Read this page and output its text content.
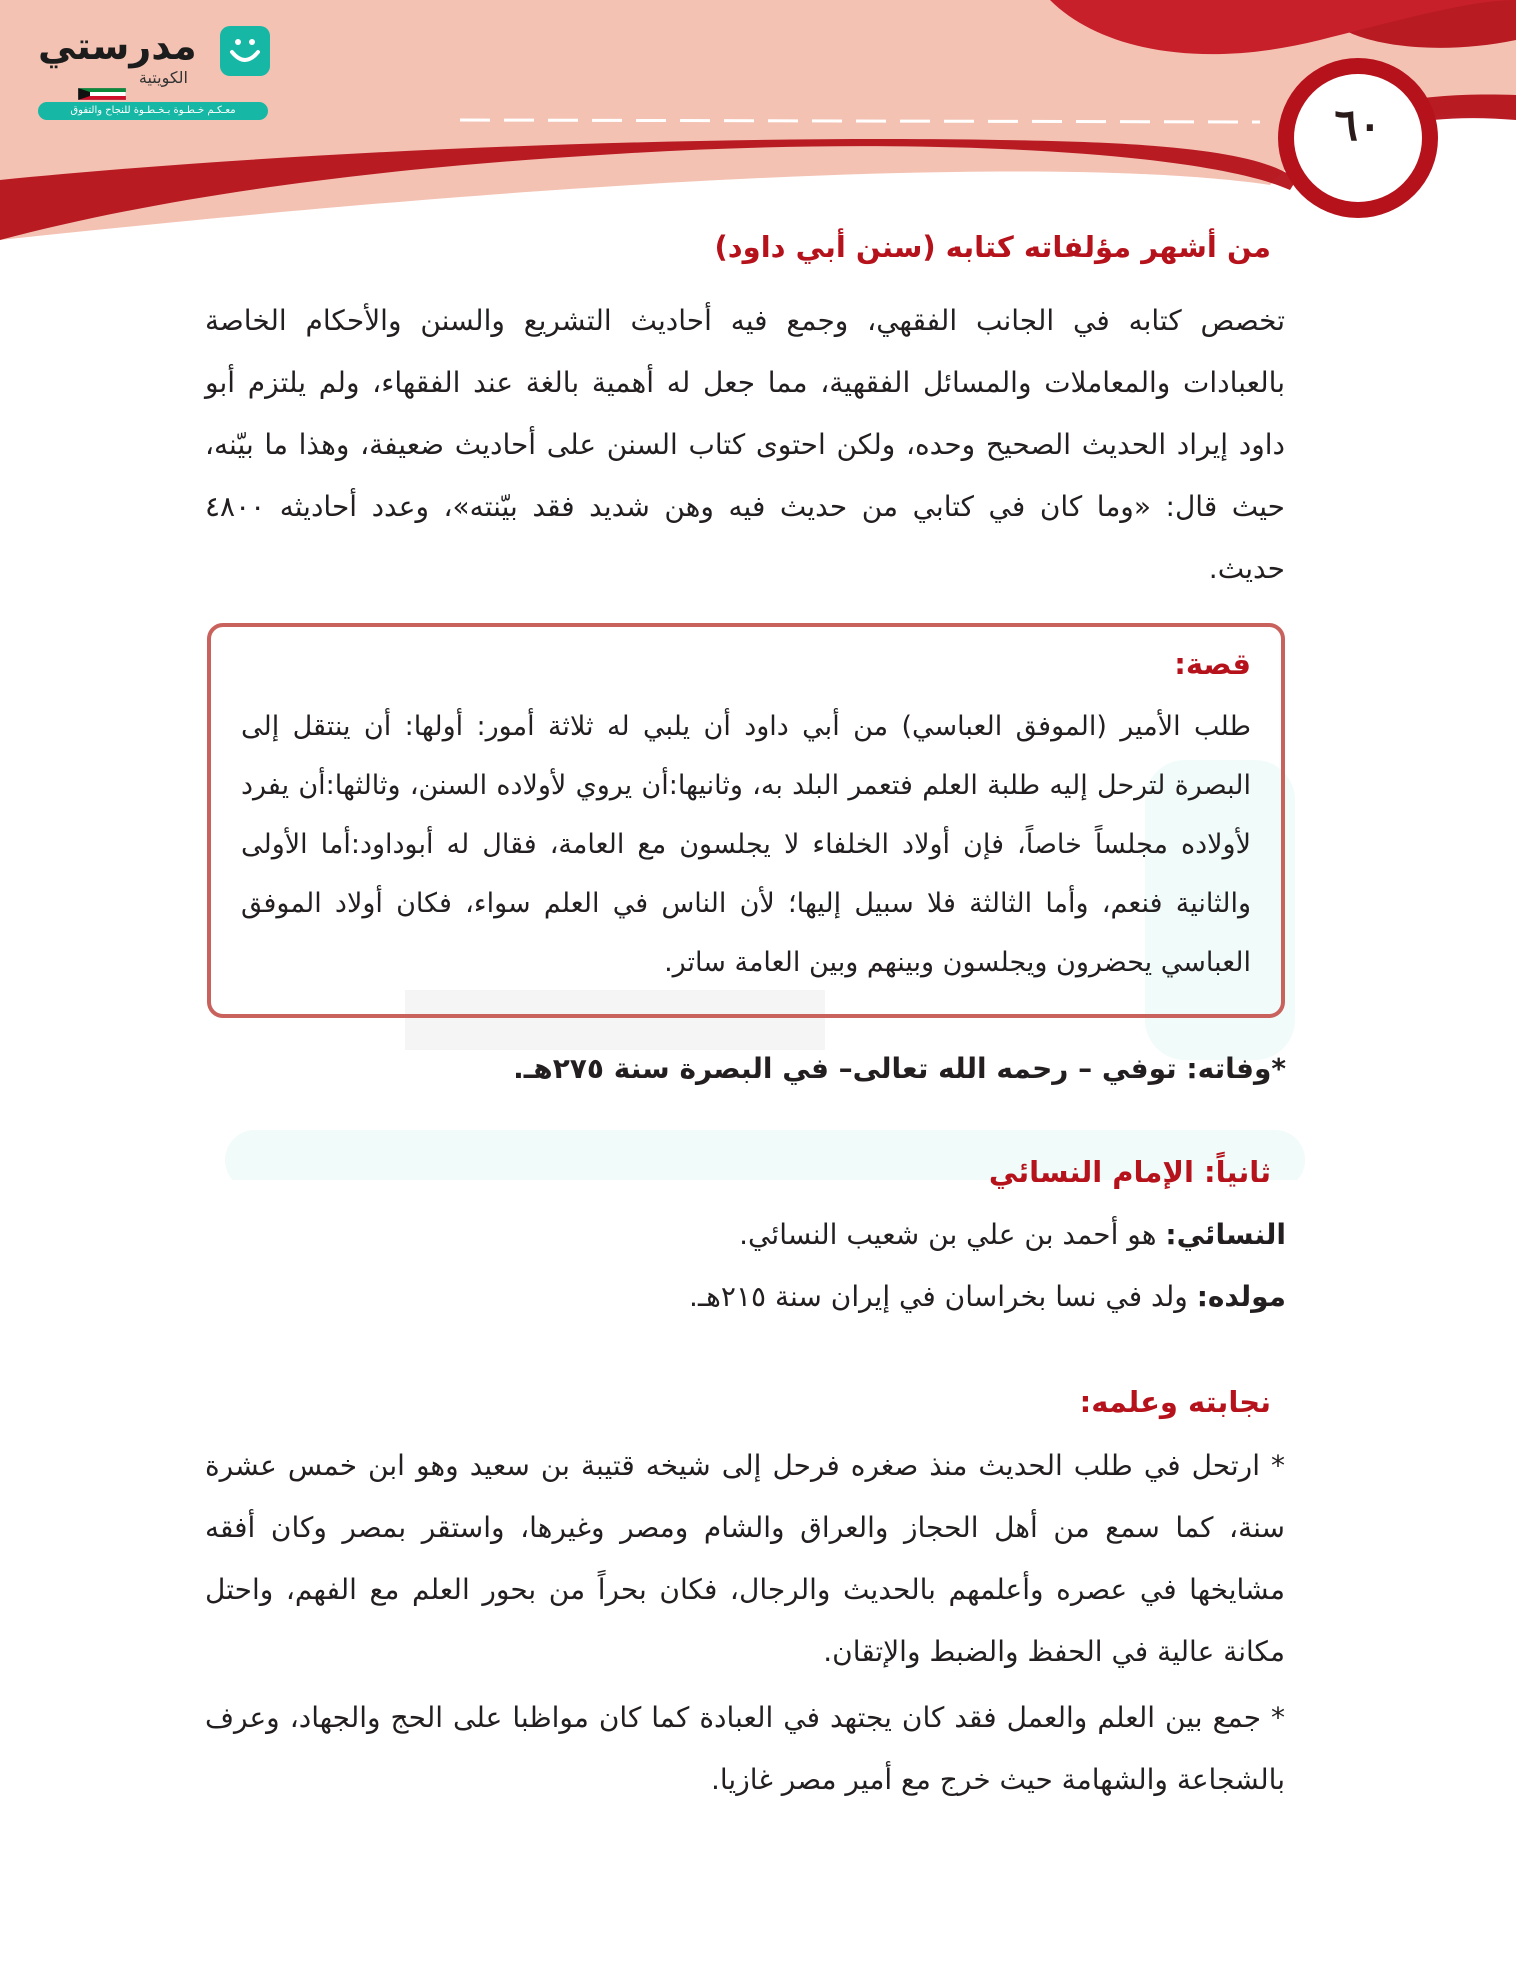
٦٠
مدرستي
الكويتية
معـكـم خـطـوة بـخـطـوة للنجاح والتفوق
من أشهر مؤلفاته كتابه (سنن أبي داود)
تخصص كتابه في الجانب الفقهي، وجمع فيه أحاديث التشريع والسنن والأحكام الخاصة بالعبادات والمعاملات والمسائل الفقهية، مما جعل له أهمية بالغة عند الفقهاء، ولم يلتزم أبو داود إيراد الحديث الصحيح وحده، ولكن احتوى كتاب السنن على أحاديث ضعيفة، وهذا ما بيّنه، حيث قال: «وما كان في كتابي من حديث فيه وهن شديد فقد بيّنته»، وعدد أحاديثه ٤٨٠٠ حديث.
قصة:
طلب الأمير (الموفق العباسي) من أبي داود أن يلبي له ثلاثة أمور: أولها: أن ينتقل إلى البصرة لترحل إليه طلبة العلم فتعمر البلد به، وثانيها:أن يروي لأولاده السنن، وثالثها:أن يفرد لأولاده مجلساً خاصاً، فإن أولاد الخلفاء لا يجلسون مع العامة، فقال له أبوداود:أما الأولى والثانية فنعم، وأما الثالثة فلا سبيل إليها؛ لأن الناس في العلم سواء، فكان أولاد الموفق العباسي يحضرون ويجلسون وبينهم وبين العامة ساتر.
*وفاته: توفي – رحمه الله تعالى– في البصرة سنة ٢٧٥هـ.
ثانياً: الإمام النسائي
النسائي: هو أحمد بن علي بن شعيب النسائي.
مولده: ولد في نسا بخراسان في إيران سنة ٢١٥هـ.
نجابته وعلمه:
* ارتحل في طلب الحديث منذ صغره فرحل إلى شيخه قتيبة بن سعيد وهو ابن خمس عشرة سنة، كما سمع من أهل الحجاز والعراق والشام ومصر وغيرها، واستقر بمصر وكان أفقه مشايخها في عصره وأعلمهم بالحديث والرجال، فكان بحراً من بحور العلم مع الفهم، واحتل مكانة عالية في الحفظ والضبط والإتقان.
* جمع بين العلم والعمل فقد كان يجتهد في العبادة كما كان مواظبا على الحج والجهاد، وعرف بالشجاعة والشهامة حيث خرج مع أمير مصر غازيا.
